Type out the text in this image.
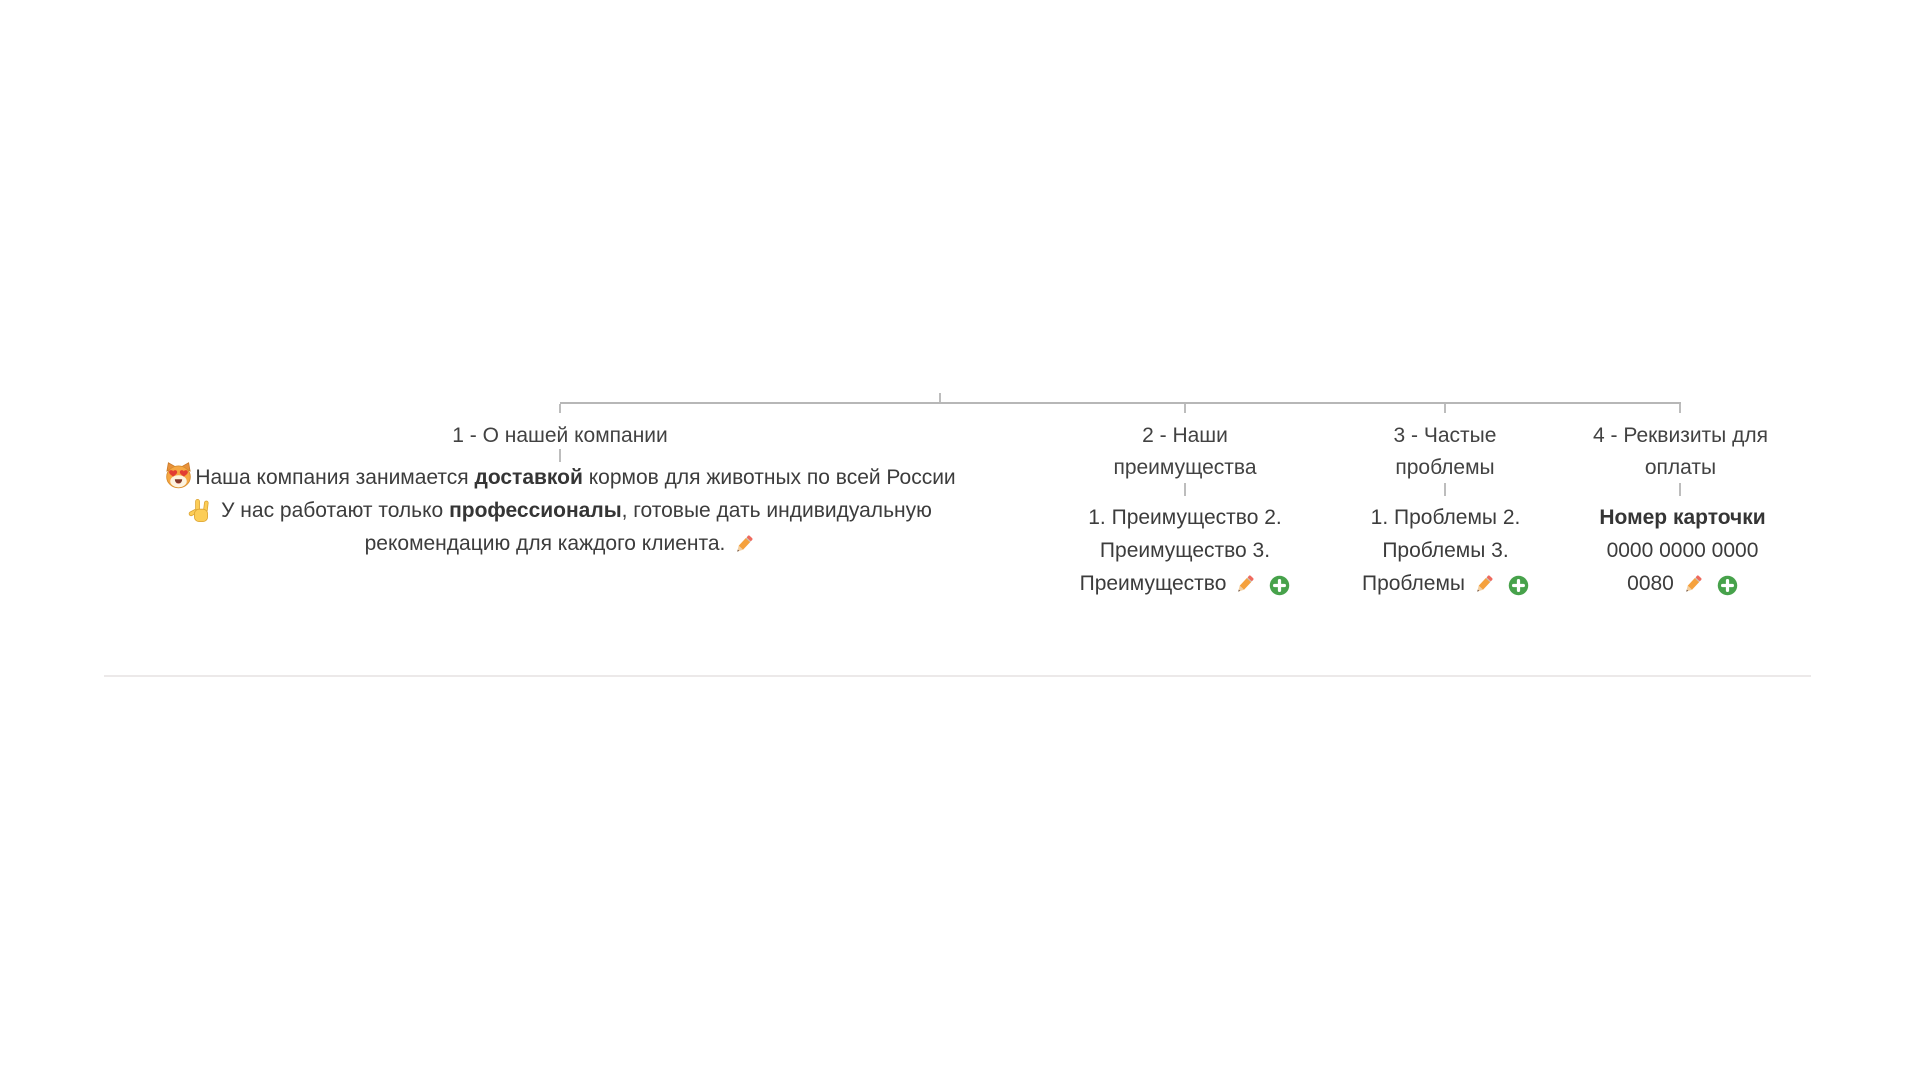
1 - О нашей компании
Наша компания занимается доставкой кормов для животных по всей России
У нас работают только профессионалы, готовые дать индивидуальную
рекомендацию для каждого клиента.
2 - Наши преимущества
1. Преимущество 2. Преимущество 3. Преимущество
3 - Частые проблемы
1. Проблемы 2. Проблемы 3. Проблемы
4 - Реквизиты для оплаты
Номер карточки
0000 0000 0000 0080
